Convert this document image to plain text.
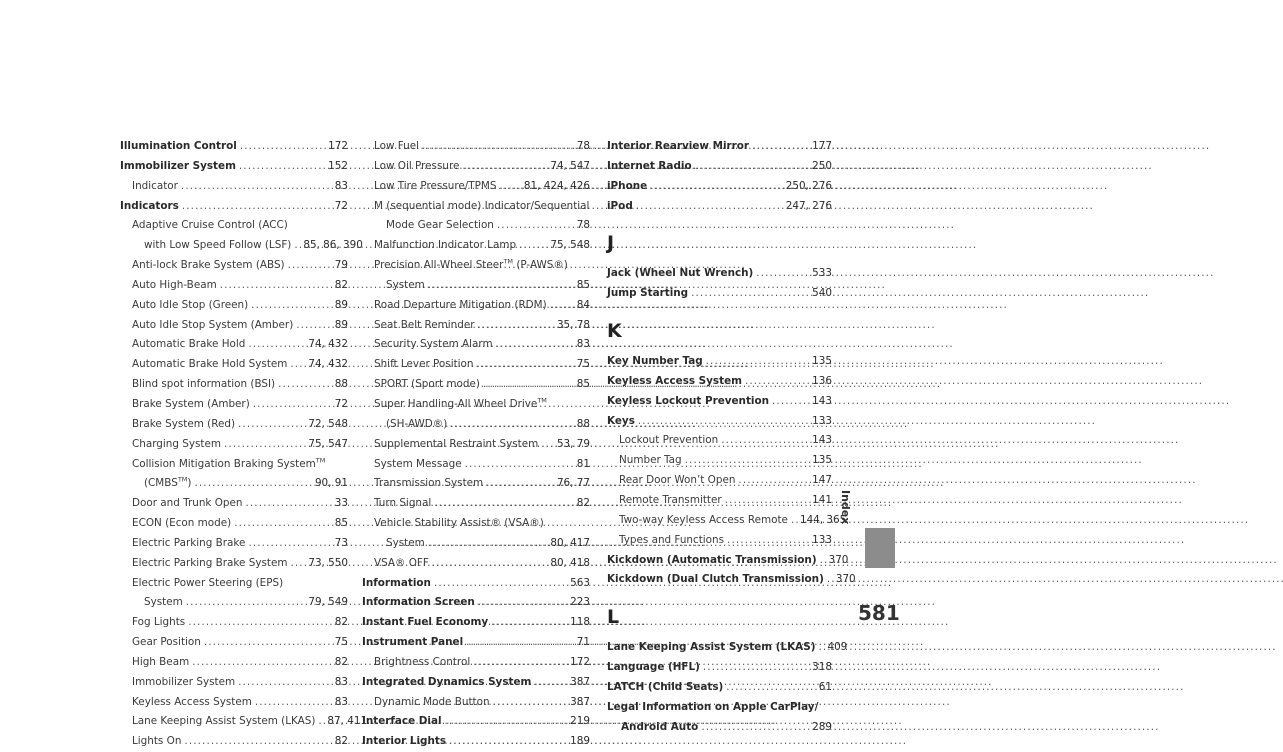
Illumination Control . . .	172
Immobilizer System . . .	152
Indicator . . .	83
Indicators . . .	72
Adaptive Cruise Control (ACC)
with Low Speed Follow (LSF) . . . 85, 86, 390
Anti-lock Brake System (ABS) . . .	79
Auto High-Beam . . .	82
Auto Idle Stop (Green) . . .	89
Auto Idle Stop System (Amber) . . .	89
Automatic Brake Hold . . .	74, 432
Automatic Brake Hold System . . . 74, 432
Blind spot information (BSI) . . .	88
Brake System (Amber) . . .	72
Brake System (Red) . . .	72, 548
Charging System . . .	75, 547
Collision Mitigation Braking System™
(CMBS™) . . .	90, 91
Door and Trunk Open . . .	33
ECON (Econ mode) . . .	85
Electric Parking Brake . . .	73
Electric Parking Brake System . . . 73, 550
Electric Power Steering (EPS)
System . . .	79, 549
Fog Lights . . .	82
Gear Position . . .	75
High Beam . . .	82
Immobilizer System . . .	83
Keyless Access System . . .	83
Lane Keeping Assist System (LKAS) . . . 87, 411
Lights On . . .	82
Low Fuel . . .	78
Low Oil Pressure . . .	74, 547
Low Tire Pressure/TPMS . . .	81, 424, 426
M (sequential mode) Indicator/Sequential
Mode Gear Selection . . .	78
Malfunction Indicator Lamp . . .	75, 548
Precision All-Wheel Steer™ (P-AWS®)
System . . .	85
Road Departure Mitigation (RDM) . . .	84
Seat Belt Reminder . . .	35, 78
Security System Alarm . . .	83
Shift Lever Position . . .	75
SPORT (Sport mode) . . .	85
Super Handling-All Wheel Drive™
(SH-AWD®) . . .	88
Supplemental Restraint System . . . 53, 79
System Message . . .	81
Transmission System . . .	76, 77
Turn Signal . . .	82
Vehicle Stability Assist® (VSA®)
System . . .	80, 417
VSA® OFF . . .	80, 418
Information . . .	563
Information Screen . . .	223
Instant Fuel Economy . . .	118
Instrument Panel . . .	71
Brightness Control . . .	172
Integrated Dynamics System . . .	387
Dynamic Mode Button . . .	387
Interface Dial . . .	219
Interior Lights . . .	189
Interior Rearview Mirror . . .	177
Internet Radio . . .	250
iPhone . . .	250, 276
iPod . . .	247, 276
J
Jack (Wheel Nut Wrench) . . .	533
Jump Starting . . .	540
K
Key Number Tag . . .	135
Keyless Access System . . .	136
Keyless Lockout Prevention . . .	143
Keys . . .	133
Lockout Prevention . . .	143
Number Tag . . .	135
Rear Door Won’t Open . . .	147
Remote Transmitter . . .	141
Two-way Keyless Access Remote . . . 144, 365
Types and Functions . . .	133
Kickdown (Automatic Transmission) . . . 370
Kickdown (Dual Clutch Transmission) . . . 370
L
Lane Keeping Assist System (LKAS) . . . 409
Language (HFL) . . .	318
LATCH (Child Seats) . . .	61
Legal Information on Apple CarPlay/
Android Auto . . .	289
Index
581
